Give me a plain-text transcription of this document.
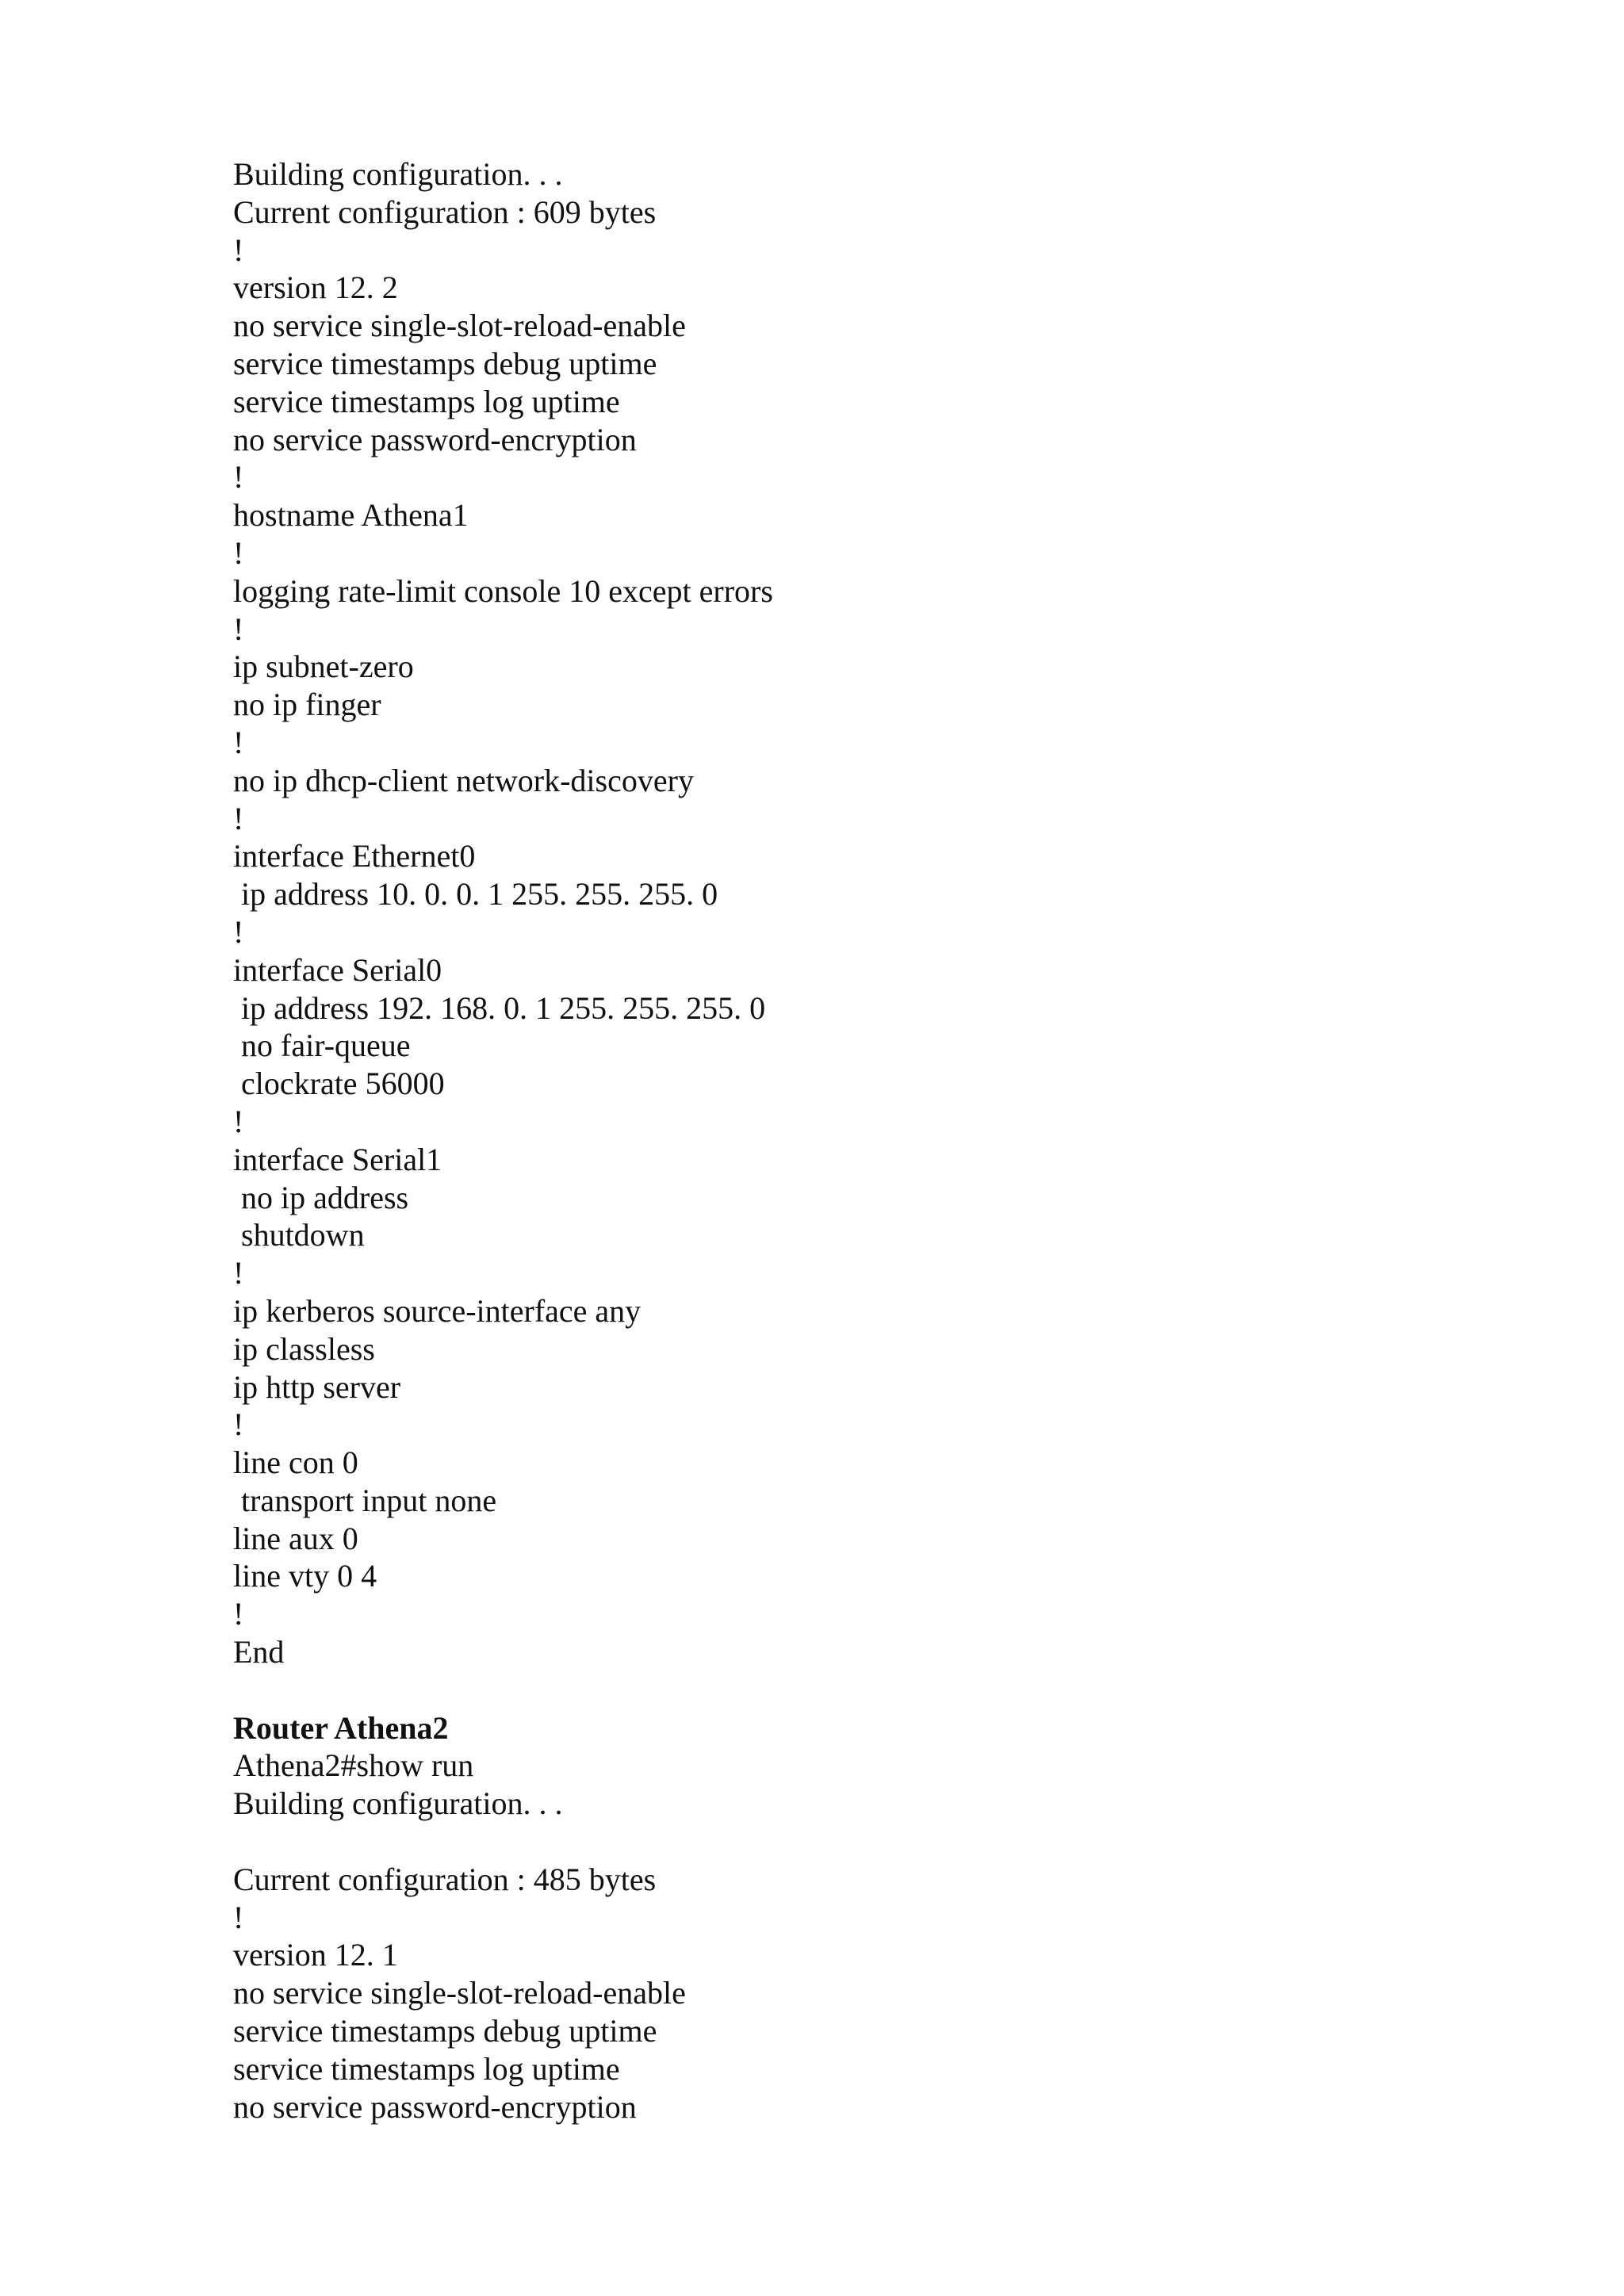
Building configuration. . .
Current configuration : 609 bytes
!
version 12. 2
no service single-slot-reload-enable
service timestamps debug uptime
service timestamps log uptime
no service password-encryption
!
hostname Athena1
!
logging rate-limit console 10 except errors
!
ip subnet-zero
no ip finger
!
no ip dhcp-client network-discovery
!
interface Ethernet0
ip address 10. 0. 0. 1 255. 255. 255. 0
!
interface Serial0
ip address 192. 168. 0. 1 255. 255. 255. 0
no fair-queue
clockrate 56000
!
interface Serial1
no ip address
shutdown
!
ip kerberos source-interface any
ip classless
ip http server
!
line con 0
transport input none
line aux 0
line vty 0 4
!
End
Router Athena2
Athena2#show run
Building configuration. . .
Current configuration : 485 bytes
!
version 12. 1
no service single-slot-reload-enable
service timestamps debug uptime
service timestamps log uptime
no service password-encryption
